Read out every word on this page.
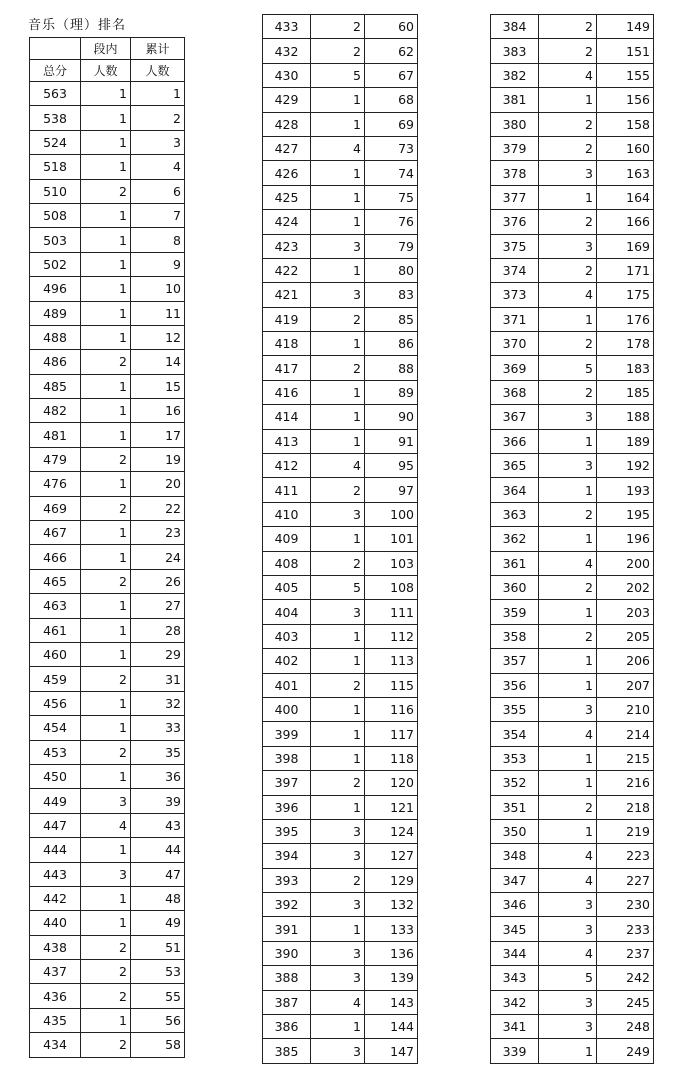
音乐（理）排名
	段内	累计
总分	人数	人数
563	1	1
538	1	2
524	1	3
518	1	4
510	2	6
508	1	7
503	1	8
502	1	9
496	1	10
489	1	11
488	1	12
486	2	14
485	1	15
482	1	16
481	1	17
479	2	19
476	1	20
469	2	22
467	1	23
466	1	24
465	2	26
463	1	27
461	1	28
460	1	29
459	2	31
456	1	32
454	1	33
453	2	35
450	1	36
449	3	39
447	4	43
444	1	44
443	3	47
442	1	48
440	1	49
438	2	51
437	2	53
436	2	55
435	1	56
434	2	58
433	2	60
432	2	62
430	5	67
429	1	68
428	1	69
427	4	73
426	1	74
425	1	75
424	1	76
423	3	79
422	1	80
421	3	83
419	2	85
418	1	86
417	2	88
416	1	89
414	1	90
413	1	91
412	4	95
411	2	97
410	3	100
409	1	101
408	2	103
405	5	108
404	3	111
403	1	112
402	1	113
401	2	115
400	1	116
399	1	117
398	1	118
397	2	120
396	1	121
395	3	124
394	3	127
393	2	129
392	3	132
391	1	133
390	3	136
388	3	139
387	4	143
386	1	144
385	3	147
384	2	149
383	2	151
382	4	155
381	1	156
380	2	158
379	2	160
378	3	163
377	1	164
376	2	166
375	3	169
374	2	171
373	4	175
371	1	176
370	2	178
369	5	183
368	2	185
367	3	188
366	1	189
365	3	192
364	1	193
363	2	195
362	1	196
361	4	200
360	2	202
359	1	203
358	2	205
357	1	206
356	1	207
355	3	210
354	4	214
353	1	215
352	1	216
351	2	218
350	1	219
348	4	223
347	4	227
346	3	230
345	3	233
344	4	237
343	5	242
342	3	245
341	3	248
339	1	249
